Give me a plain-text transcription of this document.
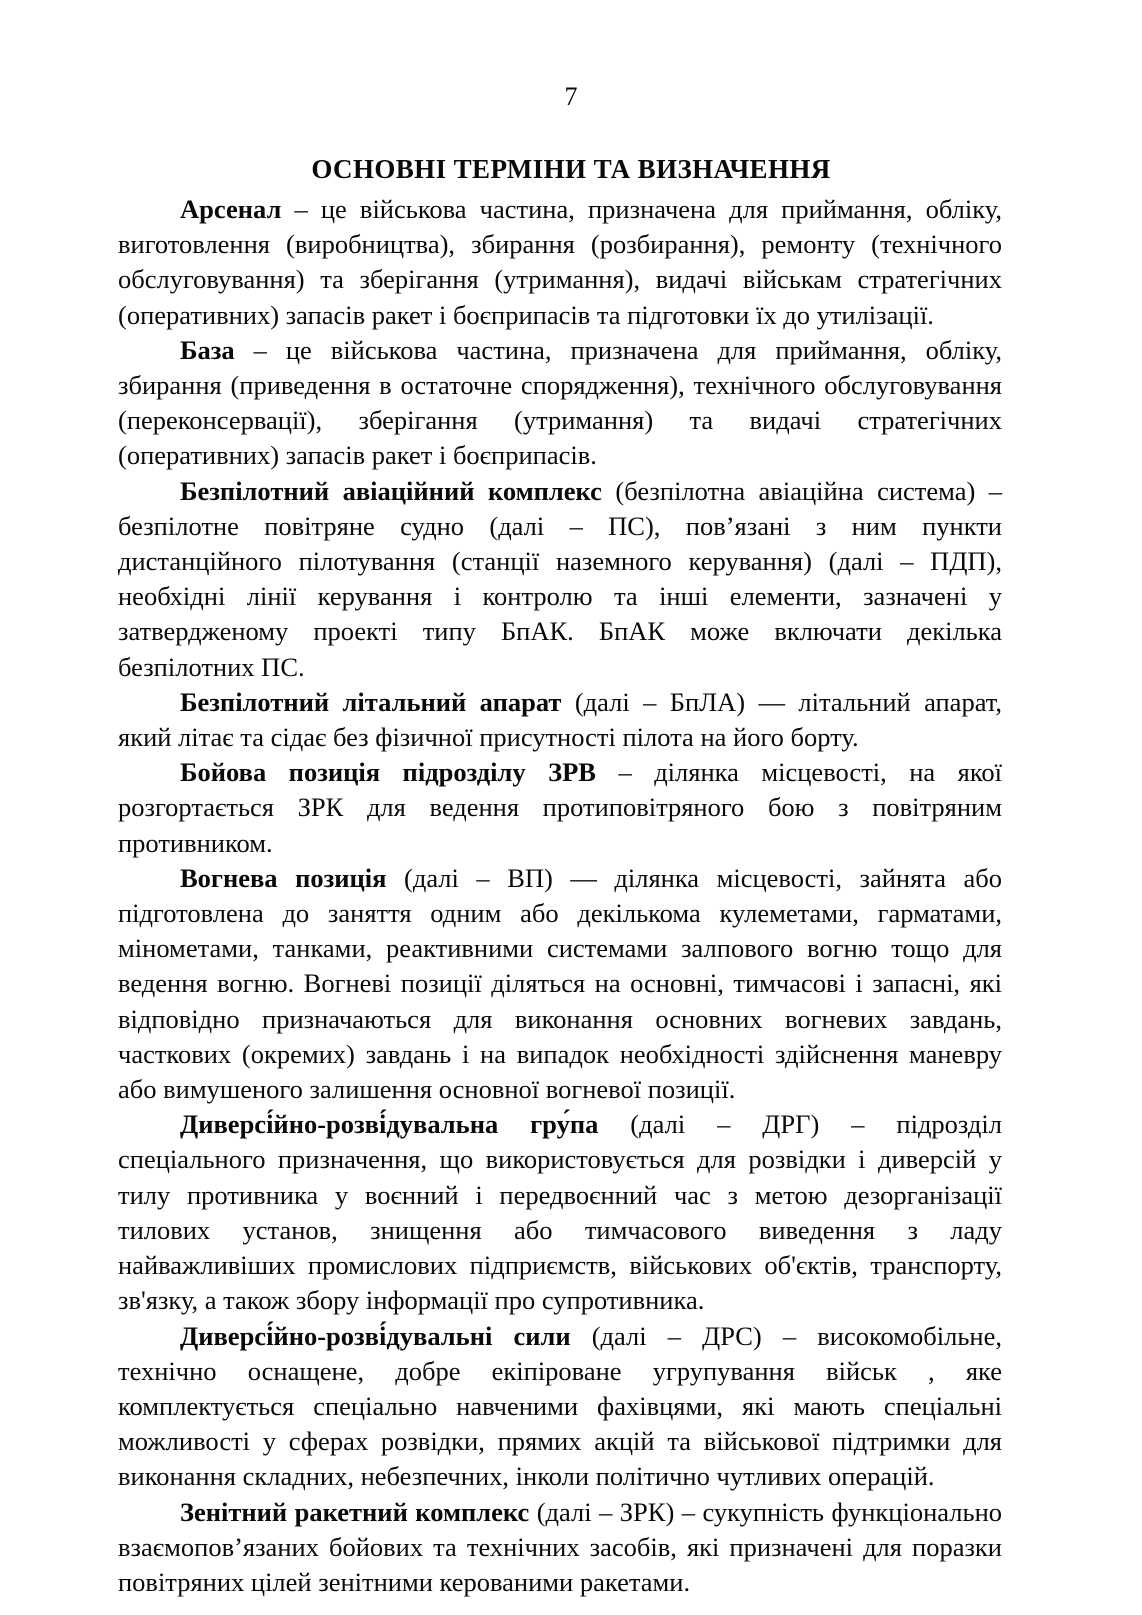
7
ОСНОВНІ ТЕРМІНИ ТА ВИЗНАЧЕННЯ

Арсенал – це військова частина, призначена для приймання, обліку, виготовлення (виробництва), збирання (розбирання), ремонту (технічного обслуговування) та зберігання (утримання), видачі військам стратегічних (оперативних) запасів ракет і боєприпасів та підготовки їх до утилізації.

База – це військова частина, призначена для приймання, обліку, збирання (приведення в остаточне спорядження), технічного обслуговування (переконсервації), зберігання (утримання) та видачі стратегічних (оперативних) запасів ракет і боєприпасів.

Безпілотний авіаційний комплекс (безпілотна авіаційна система) – безпілотне повітряне судно (далі – ПС), пов’язані з ним пункти дистанційного пілотування (станції наземного керування) (далі – ПДП), необхідні лінії керування і контролю та інші елементи, зазначені у затвердженому проекті типу БпАК. БпАК може включати декілька безпілотних ПС.

Безпілотний літальний апарат (далі – БпЛА) — літальний апарат, який літає та сідає без фізичної присутності пілота на його борту.

Бойова позиція підрозділу ЗРВ – ділянка місцевості, на якої розгортається ЗРК для ведення протиповітряного бою з повітряним противником.

Вогнева позиція (далі – ВП) — ділянка місцевості, зайнята або підготовлена до заняття одним або декількома кулеметами, гарматами, мінометами, танками, реактивними системами залпового вогню тощо для ведення вогню. Вогневі позиції діляться на основні, тимчасові і запасні, які відповідно призначаються для виконання основних вогневих завдань, часткових (окремих) завдань і на випадок необхідності здійснення маневру або вимушеного залишення основної вогневої позиції.

Диверсі́йно-розві́дувальна гру́па (далі – ДРГ) – підрозділ спеціального призначення, що використовується для розвідки і диверсій у тилу противника у воєнний і передвоєнний час з метою дезорганізації тилових установ, знищення або тимчасового виведення з ладу найважливіших промислових підприємств, військових об'єктів, транспорту, зв'язку, а також збору інформації про супротивника.

Диверсі́йно-розві́дувальні сили (далі – ДРС) – високомобільне, технічно оснащене, добре екіпіроване угрупування військ , яке комплектується спеціально навченими фахівцями, які мають спеціальні можливості у сферах розвідки, прямих акцій та військової підтримки для виконання складних, небезпечних, інколи політично чутливих операцій.

Зенітний ракетний комплекс (далі – ЗРК) – сукупність функціонально взаємопов’язаних бойових та технічних засобів, які призначені для поразки повітряних цілей зенітними керованими ракетами.
